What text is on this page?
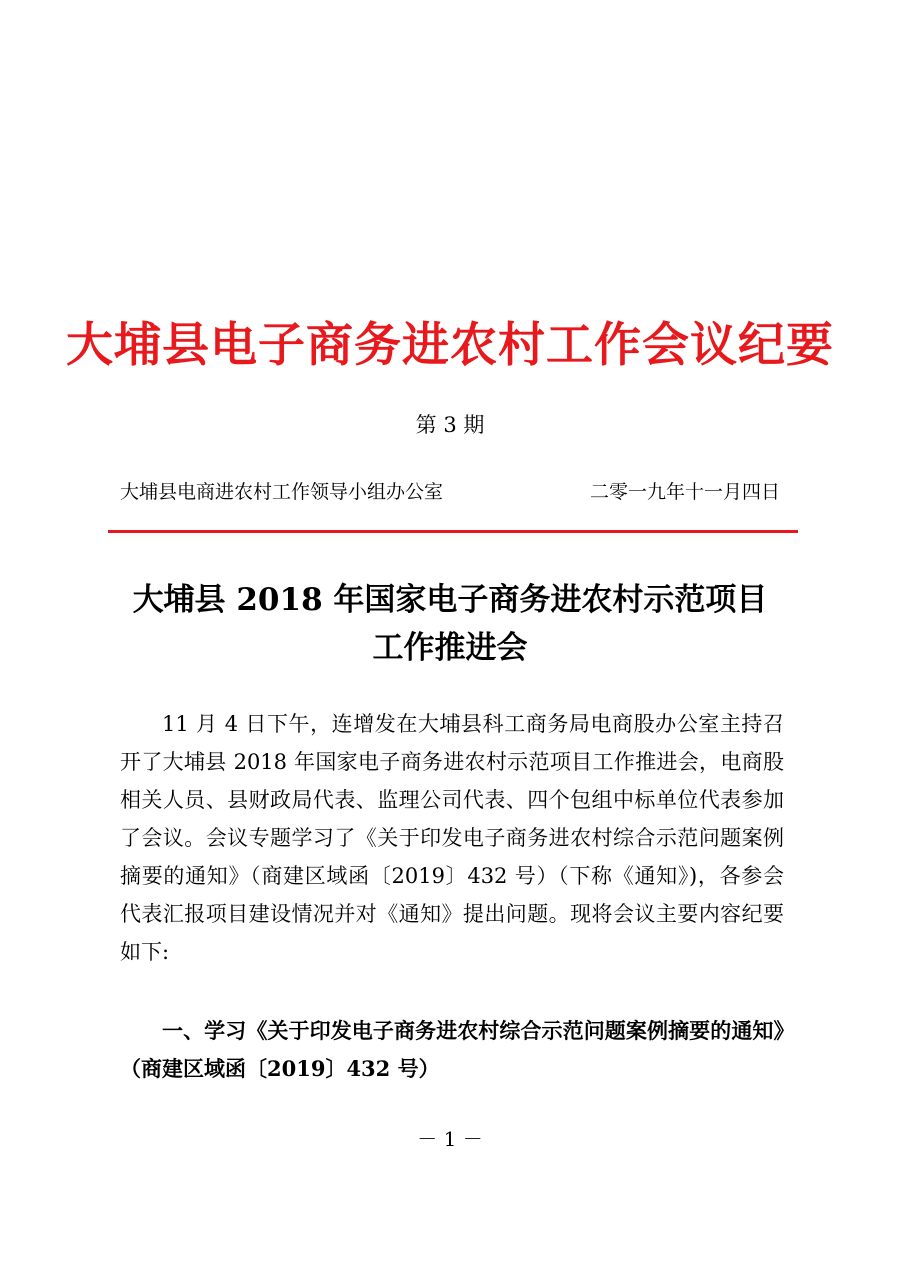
大埔县电子商务进农村工作会议纪要
第 3 期
大埔县电商进农村工作领导小组办公室	二零一九年十一月四日
大埔县 2018 年国家电子商务进农村示范项目
工作推进会

11 月 4 日下午，连增发在大埔县科工商务局电商股办公室主持召开了大埔县 2018 年国家电子商务进农村示范项目工作推进会，电商股相关人员、县财政局代表、监理公司代表、四个包组中标单位代表参加了会议。会议专题学习了《关于印发电子商务进农村综合示范问题案例摘要的通知》（商建区域函〔2019〕432 号）（下称《通知》)，各参会代表汇报项目建设情况并对《通知》提出问题。现将会议主要内容纪要如下:

一、学习《关于印发电子商务进农村综合示范问题案例摘要的通知》（商建区域函〔2019〕432 号）

－ 1 －
